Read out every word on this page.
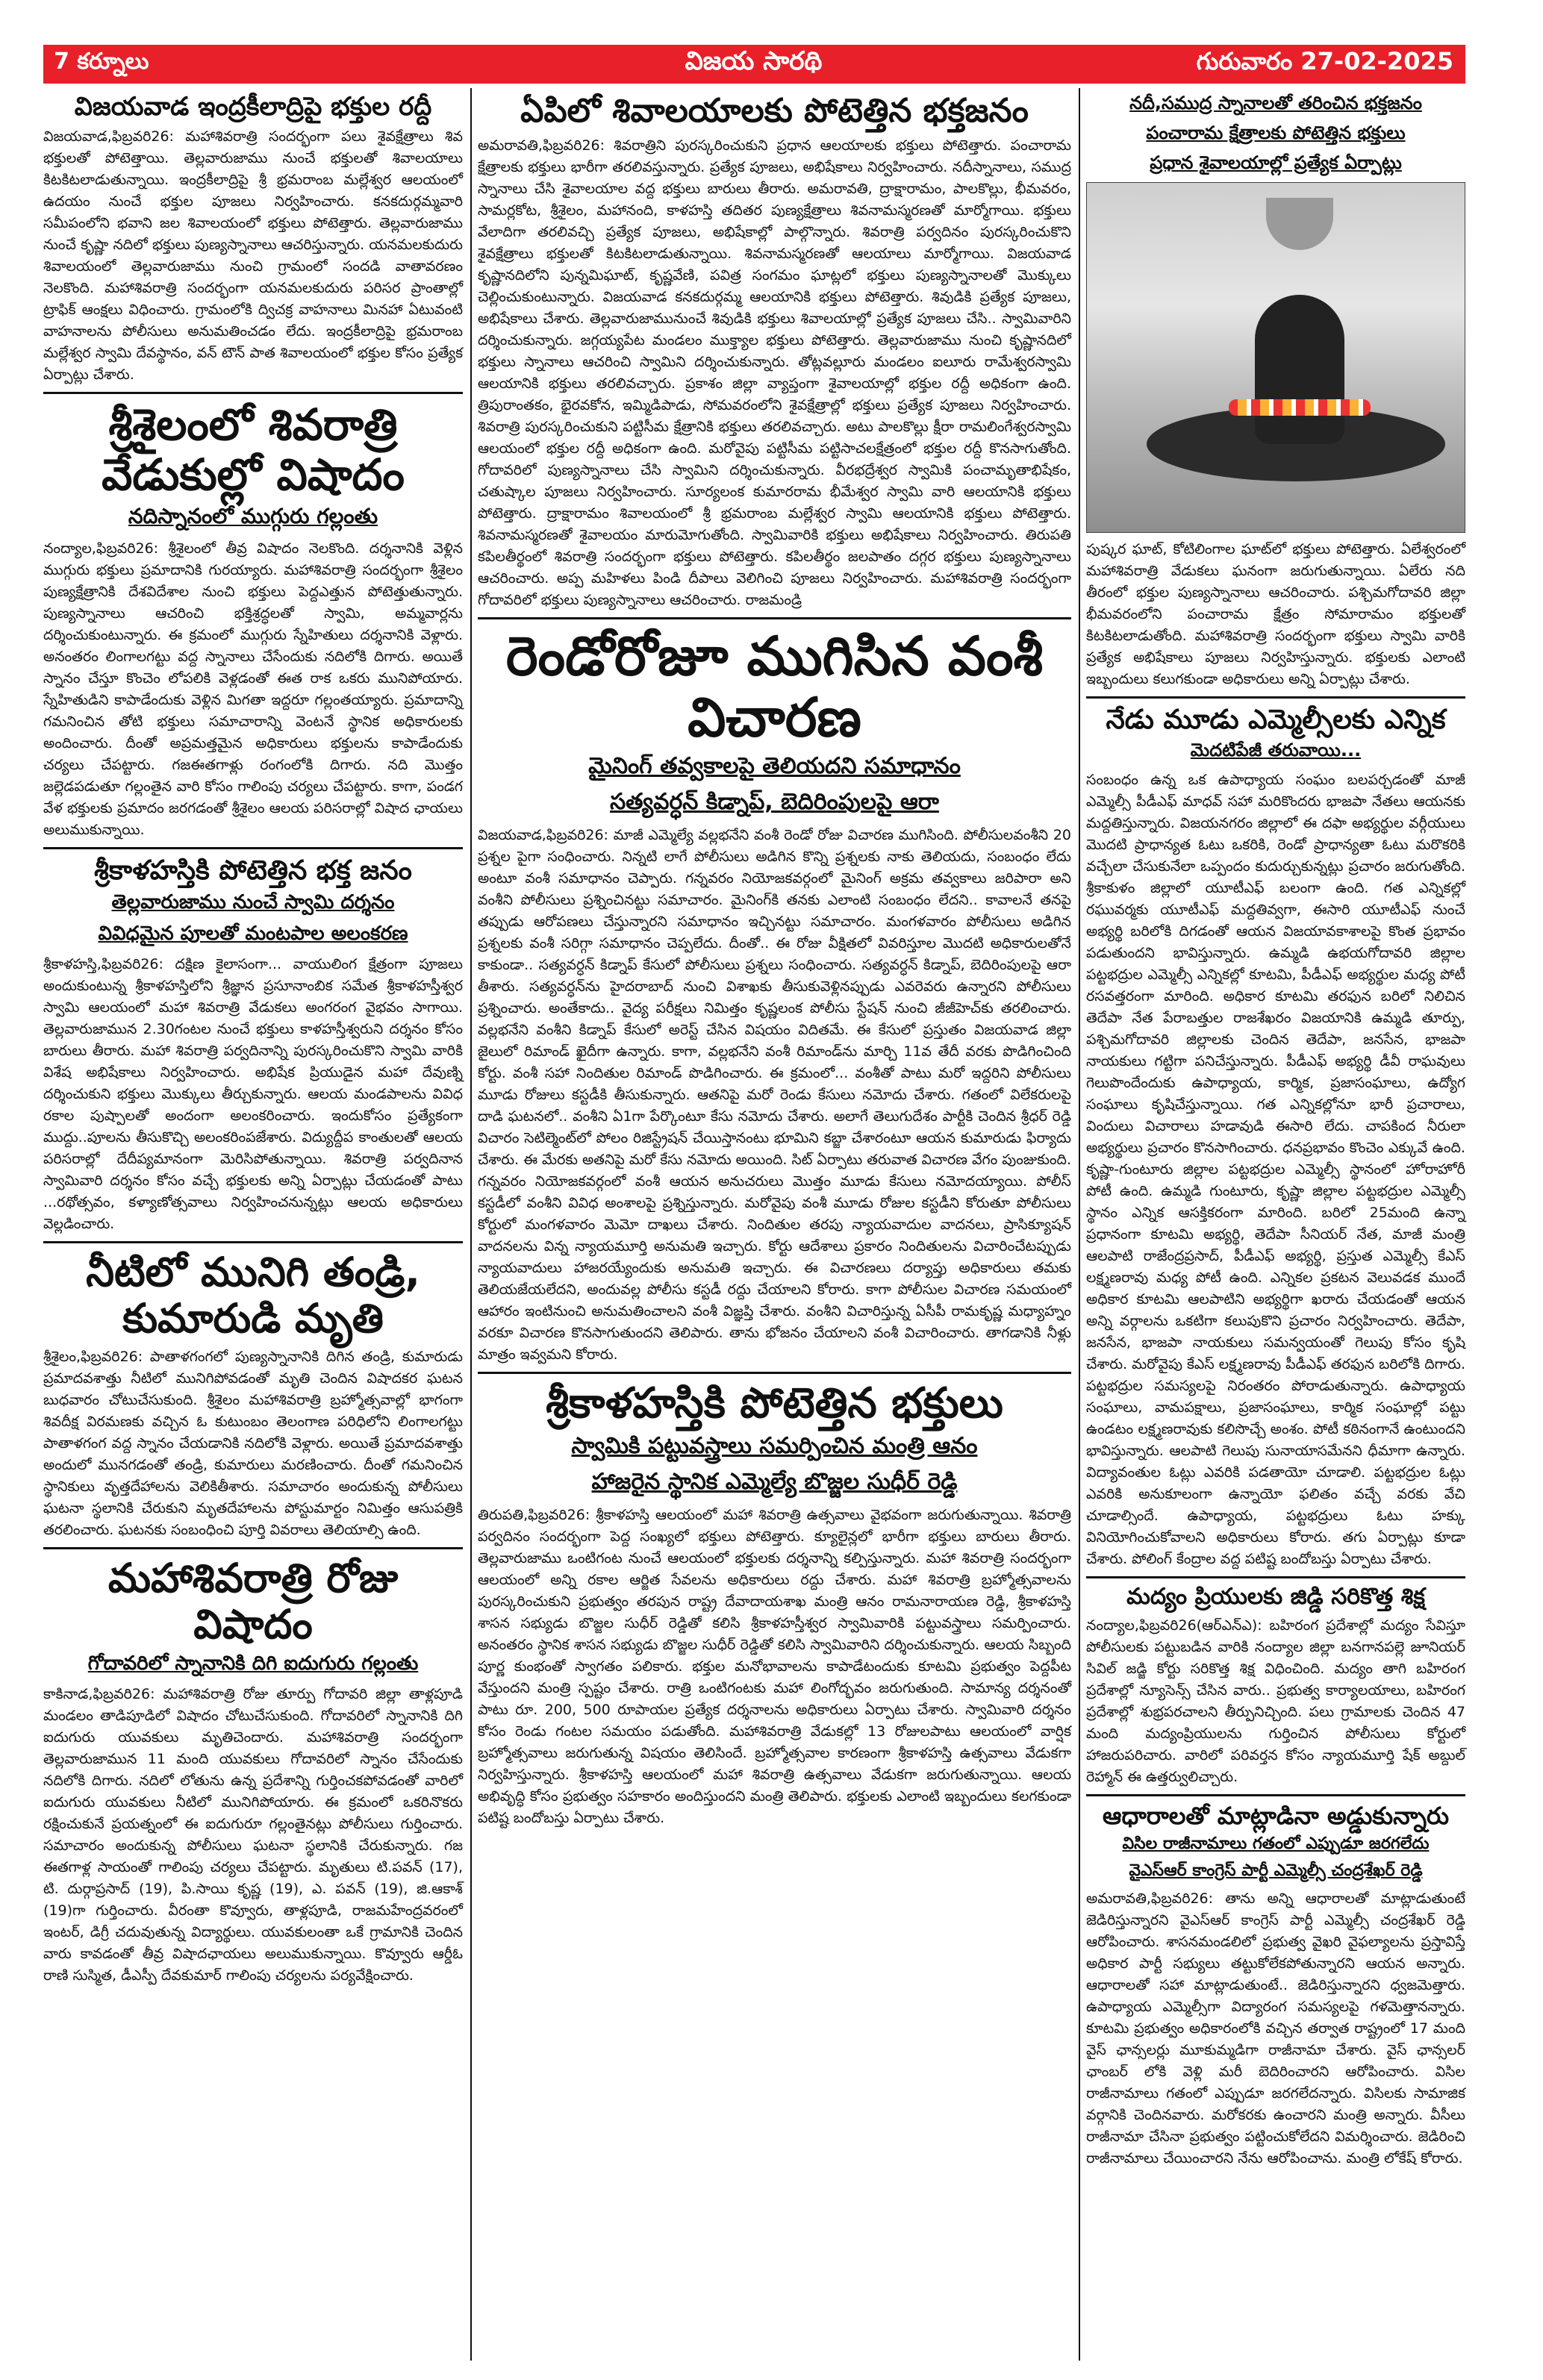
7 కర్నూలు	విజయ సారథి	గురువారం 27-02-2025
విజయవాడ ఇంద్రకీలాద్రిపై భక్తుల రద్దీ

విజయవాడ,ఫిబ్రవరి26: మహాశివరాత్రి సందర్భంగా పలు శైవక్షేత్రాలు శివ భక్తులతో పోటెత్తాయి. తెల్లవారుజాము నుంచే భక్తులతో శివాలయాలు కిటకిటలాడుతున్నాయి. ఇంద్రకీలాద్రిపై శ్రీ భ్రమరాంబ మల్లేశ్వర ఆలయంలో ఉదయం నుంచే భక్తుల పూజలు నిర్వహించారు. కనకదుర్గమ్మవారి సమీపంలోని భవాని జల శివాలయంలో భక్తులు పోటెత్తారు. తెల్లవారుజాము నుంచే కృష్ణా నదిలో భక్తులు పుణ్యస్నానాలు ఆచరిస్తున్నారు. యనమలకుదురు శివాలయంలో తెల్లవారుజాము నుంచి గ్రామంలో సందడి వాతావరణం నెలకొంది. మహాశివరాత్రి సందర్భంగా యనమలకుదురు పరిసర ప్రాంతాల్లో ట్రాఫిక్ ఆంక్షలు విధించారు. గ్రామంలోకి ద్విచక్ర వాహనాలు మినహా ఏటువంటి వాహనాలను పోలీసులు అనుమతించడం లేదు. ఇంద్రకీలాద్రిపై భ్రమరాంబ మల్లేశ్వర స్వామి దేవస్థానం, వన్ టౌన్ పాత శివాలయంలో భక్తుల కోసం ప్రత్యేక ఏర్పాట్లు చేశారు.

శ్రీశైలంలో శివరాత్రి వేడుకుల్లో విషాదం
నదిస్నానంలో ముగ్గురు గల్లంతు

నంద్యాల,ఫిబ్రవరి26: శ్రీశైలంలో తీవ్ర విషాదం నెలకొంది. దర్శనానికి వెళ్లిన ముగ్గురు భక్తులు ప్రమాదానికి గురయ్యారు. మహాశివరాత్రి సందర్భంగా శ్రీశైలం పుణ్యక్షేత్రానికి దేశవిదేశాల నుంచి భక్తులు పెద్దఎత్తున పోటెత్తుతున్నారు. పుణ్యస్నానాలు ఆచరించి భక్తిశ్రద్ధలతో స్వామి, అమ్మవార్లను దర్శించుకుంటున్నారు. ఈ క్రమంలో ముగ్గురు స్నేహితులు దర్శనానికి వెళ్లారు. అనంతరం లింగాలగట్టు వద్ద స్నానాలు చేసేందుకు నదిలోకి దిగారు. అయితే స్నానం చేస్తూ కొంచెం లోపలికి వెళ్లడంతో ఈత రాక ఒకరు మునిపోయారు. స్నేహితుడిని కాపాడేందుకు వెళ్లిన మిగతా ఇద్దరూ గల్లంతయ్యారు. ప్రమాదాన్ని గమనించిన తోటి భక్తులు సమాచారాన్ని వెంటనే స్థానిక అధికారులకు అందించారు. దీంతో అప్రమత్తమైన అధికారులు భక్తులను కాపాడేందుకు చర్యలు చేపట్టారు. గజఈతగాళ్లు రంగంలోకి దిగారు. నది మొత్తం జల్లెడపడుతూ గల్లంతైన వారి కోసం గాలింపు చర్యలు చేపట్టారు. కాగా, పండగ వేళ భక్తులకు ప్రమాదం జరగడంతో శ్రీశైలం ఆలయ పరిసరాల్లో విషాద ఛాయలు అలుముకున్నాయి.

శ్రీకాళహస్తికి పోటెత్తిన భక్త జనం
తెల్లవారుజాము నుంచే స్వామి దర్శనం
వివిధమైన పూలతో మంటపాల అలంకరణ

శ్రీకాళహస్తి,ఫిబ్రవరి26: దక్షిణ కైలాసంగా... వాయులింగ క్షేత్రంగా పూజలు అందుకుంటున్న శ్రీకాళహస్తిలోని శ్రీజ్ఞాన ప్రసూనాంబిక సమేత శ్రీకాళహస్తీశ్వర స్వామి ఆలయంలో మహా శివరాత్రి వేడుకలు అంగరంగ వైభవం సాగాయి. తెల్లవారుజామున 2.30గంటల నుంచే భక్తులు కాళహస్తీశ్వరుని దర్శనం కోసం బారులు తీరారు. మహా శివరాత్రి పర్వదినాన్ని పురస్కరించుకొని స్వామి వారికి విశేష అభిషేకాలు నిర్వహించారు. అభిషేక ప్రియుడైన మహా దేవుణ్ని దర్శించుకుని భక్తులు మొక్కులు తీర్చుకున్నారు. ఆలయ మండపాలను వివిధ రకాల పుష్పాలతో అందంగా అలంకరించారు. ఇందుకోసం ప్రత్యేకంగా ముద్దు..పూలను తీసుకొచ్చి అలంకరింపజేశారు. విద్యుద్దీప కాంతులతో ఆలయ పరిసరాల్లో దేదీప్యమానంగా మెరిసిపోతున్నాయి. శివరాత్రి పర్వదినాన స్వామివారి దర్శనం కోసం వచ్చే భక్తులకు అన్ని ఏర్పాట్లు చేయడంతో పాటు ...రథోత్సవం, కళ్యాణోత్సవాలు నిర్వహించనున్నట్లు ఆలయ అధికారులు వెల్లడించారు.

నీటిలో మునిగి తండ్రి, కుమారుడి మృతి

శ్రీశైలం,ఫిబ్రవరి26: పాతాళగంగలో పుణ్యస్నానానికి దిగిన తండ్రి, కుమారుడు ప్రమాదవశాత్తు నీటిలో మునిగిపోవడంతో మృతి చెందిన విషాదకర ఘటన బుధవారం చోటుచేసుకుంది. శ్రీశైలం మహాశివరాత్రి బ్రహ్మోత్సవాల్లో భాగంగా శివదీక్ష విరమణకు వచ్చిన ఓ కుటుంబం తెలంగాణ పరిధిలోని లింగాలగట్టు పాతాళగంగ వద్ద స్నానం చేయడానికి నదిలోకి వెళ్లారు. అయితే ప్రమాదవశాత్తు అందులో మునగడంతో తండ్రి, కుమారులు మరణించారు. దీంతో గమనించిన స్థానికులు వృత్తదేహాలను వెలికితీశారు. సమాచారం అందుకున్న పోలీసులు ఘటనా స్థలానికి చేరుకుని మృతదేహాలను పోస్టుమార్టం నిమిత్తం ఆసుపత్రికి తరలించారు. ఘటనకు సంబంధించి పూర్తి వివరాలు తెలియాల్సి ఉంది.

మహాశివరాత్రి రోజు విషాదం
గోదావరిలో స్నానానికి దిగి ఐదుగురు గల్లంతు

కాకినాడ,ఫిబ్రవరి26: మహాశివరాత్రి రోజు తూర్పు గోదావరి జిల్లా తాళ్లపూడి మండలం తాడిపూడిలో విషాదం చోటుచేసుకుంది. గోదావరిలో స్నానానికి దిగి ఐదుగురు యువకులు మృతిచెందారు. మహాశివరాత్రి సందర్భంగా తెల్లవారుజామున 11 మంది యువకులు గోదావరిలో స్నానం చేసేందుకు నదిలోకి దిగారు. నదిలో లోతును ఉన్న ప్రదేశాన్ని గుర్తించకపోవడంతో వారిలో ఐదుగురు యువకులు నీటిలో మునిగిపోయారు. ఈ క్రమంలో ఒకరినొకరు రక్షించుకునే ప్రయత్నంలో ఈ ఐదుగురూ గల్లంతైనట్లు పోలీసులు గుర్తించారు. సమాచారం అందుకున్న పోలీసులు ఘటనా స్థలానికి చేరుకున్నారు. గజ ఈతగాళ్ల సాయంతో గాలింపు చర్యలు చేపట్టారు. మృతులు టి.పవన్ (17), టి. దుర్గాప్రసాద్ (19), పి.సాయి కృష్ణ (19), ఎ. పవన్ (19), జి.ఆకాశ్ (19)గా గుర్తించారు. వీరంతా కొవ్వూరు, తాళ్లపూడి, రాజమహేంద్రవరంలో ఇంటర్, డిగ్రీ చదువుతున్న విద్యార్థులు. యువకులంతా ఒకే గ్రామానికి చెందిన వారు కావడంతో తీవ్ర విషాదఛాయలు అలుముకున్నాయి. కొవ్వూరు ఆర్డీఓ రాణి సుస్మిత, డీఎస్పీ దేవకుమార్ గాలింపు చర్యలను పర్యవేక్షించారు.

ఏపిలో శివాలయాలకు పోటెత్తిన భక్తజనం

అమరావతి,ఫిబ్రవరి26: శివరాత్రిని పురస్కరించుకుని ప్రధాన ఆలయాలకు భక్తులు పోటెత్తారు. పంచారామ క్షేత్రాలకు భక్తులు భారీగా తరలివస్తున్నారు. ప్రత్యేక పూజలు, అభిషేకాలు నిర్వహించారు. నదీస్నానాలు, సముద్ర స్నానాలు చేసి శైవాలయాల వద్ద భక్తులు బారులు తీరారు. అమరావతి, ద్రాక్షారామం, పాలకొల్లు, భీమవరం, సామర్లకోట, శ్రీశైలం, మహానంది, కాళహస్తి తదితర పుణ్యక్షేత్రాలు శివనామస్మరణతో మార్మోగాయి. భక్తులు వేలాదిగా తరలివచ్చి ప్రత్యేక పూజలు, అభిషేకాల్లో పాల్గొన్నారు. శివరాత్రి పర్వదినం పురస్కరించుకొని శైవక్షేత్రాలు భక్తులతో కిటకిటలాడుతున్నాయి. శివనామస్మరణతో ఆలయాలు మార్మోగాయి. విజయవాడ కృష్ణానదిలోని పున్నమిఘాట్, కృష్ణవేణి, పవిత్ర సంగమం ఘాట్లలో భక్తులు పుణ్యస్నానాలతో మొక్కులు చెల్లించుకుంటున్నారు. విజయవాడ కనకదుర్గమ్మ ఆలయానికి భక్తులు పోటెత్తారు. శివుడికి ప్రత్యేక పూజలు, అభిషేకాలు చేశారు. తెల్లవారుజామునుంచే శివుడికి భక్తులు శివాలయాల్లో ప్రత్యేక పూజలు చేసి.. స్వామివారిని దర్శించుకున్నారు. జగ్గయ్యపేట మండలం ముక్త్యాల భక్తులు పోటెత్తారు. తెల్లవారుజాము నుంచి కృష్ణానదిలో భక్తులు స్నానాలు ఆచరించి స్వామిని దర్శించుకున్నారు. తోట్లవల్లూరు మండలం ఐలూరు రామేశ్వరస్వామి ఆలయానికి భక్తులు తరలివచ్చారు. ప్రకాశం జిల్లా వ్యాప్తంగా శైవాలయాల్లో భక్తుల రద్దీ అధికంగా ఉంది. త్రిపురాంతకం, భైరవకోన, ఇమ్మిడిపాడు, సోమవరంలోని శైవక్షేత్రాల్లో భక్తులు ప్రత్యేక పూజలు నిర్వహించారు. శివరాత్రి పురస్కరించుకుని పట్టిసీమ క్షేత్రానికి భక్తులు తరలివచ్చారు. అటు పాలకొల్లు క్షీరా రామలింగేశ్వరస్వామి ఆలయంలో భక్తుల రద్దీ అధికంగా ఉంది. మరోవైపు పట్టిసీమ పట్టిసాచలక్షేత్రంలో భక్తుల రద్దీ కొనసాగుతోంది. గోదావరిలో పుణ్యస్నానాలు చేసి స్వామిని దర్శించుకున్నారు. వీరభద్రేశ్వర స్వామికి పంచామృతాభిషేకం, చతుష్కాల పూజలు నిర్వహించారు. సూర్యలంక కుమారరామ భీమేశ్వర స్వామి వారి ఆలయానికి భక్తులు పోటెత్తారు. ద్రాక్షారామం శివాలయంలో శ్రీ భ్రమరాంబ మల్లేశ్వర స్వామి ఆలయానికి భక్తులు పోటెత్తారు. శివనామస్మరణతో శైవాలయం మారుమోగుతోంది. స్వామివారికి భక్తులు అభిషేకాలు నిర్వహించారు. తిరుపతి కపిలతీర్థంలో శివరాత్రి సందర్భంగా భక్తులు పోటెత్తారు. కపిలతీర్థం జలపాతం దగ్గర భక్తులు పుణ్యస్నానాలు ఆచరించారు. అప్ప మహిళలు పిండి దీపాలు వెలిగించి పూజలు నిర్వహించారు. మహాశివరాత్రి సందర్భంగా గోదావరిలో భక్తులు పుణ్యస్నానాలు ఆచరించారు. రాజమండ్రి

రెండోరోజూ ముగిసిన వంశీ విచారణ
మైనింగ్ తవ్వకాలపై తెలియదని సమాధానం
సత్యవర్ధన్ కిడ్నాప్, బెదిరింపులపై ఆరా

విజయవాడ,ఫిబ్రవరి26: మాజీ ఎమ్మెల్యే వల్లభనేని వంశీ రెండో రోజు విచారణ ముగిసింది. పోలీసులవంశీని 20 ప్రశ్నల పైగా సంధించారు. నిన్నటి లాగే పోలీసులు అడిగిన కొన్ని ప్రశ్నలకు నాకు తెలియదు, సంబంధం లేదు అంటూ వంశీ సమాధానం చెప్పారు. గన్నవరం నియోజకవర్గంలో మైనింగ్ అక్రమ తవ్వకాలు జరిపారా అని వంశీని పోలీసులు ప్రశ్నించినట్టు సమాచారం. మైనింగ్‌కి తనకు ఎలాంటి సంబంధం లేదని.. కావాలనే తనపై తప్పుడు ఆరోపణలు చేస్తున్నారని సమాధానం ఇచ్చినట్టు సమాచారం. మంగళవారం పోలీసులు అడిగిన ప్రశ్నలకు వంశీ సరిగ్గా సమాధానం చెప్పలేదు. దీంతో.. ఈ రోజు వీక్షితలో వివరిస్తూల మొదటి అధికారులతోనే కాకుండా.. సత్యవర్ధన్ కిడ్నాప్ కేసులో పోలీసులు ప్రశ్నలు సంధించారు. సత్యవర్ధన్ కిడ్నాప్, బెదిరింపులపై ఆరా తీశారు. సత్యవర్ధన్‌ను హైదరాబాద్ నుంచి విశాఖకు తీసుకువెళ్లినప్పుడు ఎవరెవరు ఉన్నారని పోలీసులు ప్రశ్నించారు. అంతేకాదు.. వైద్య పరీక్షలు నిమిత్తం కృష్ణలంక పోలీసు స్టేషన్ నుంచి జీజీహెచ్‌కు తరలించారు. వల్లభనేని వంశీని కిడ్నాప్ కేసులో అరెస్ట్ చేసిన విషయం విదితమే. ఈ కేసులో ప్రస్తుతం విజయవాడ జిల్లా జైలులో రిమాండ్ ఖైదీగా ఉన్నారు. కాగా, వల్లభనేని వంశీ రిమాండ్‌ను మార్చి 11వ తేదీ వరకు పొడిగించింది కోర్టు. వంశీ సహా నిందితుల రిమాండ్ పొడిగించారు. ఈ క్రమంలో... వంశీతో పాటు మరో ఇద్దరిని పోలీసులు మూడు రోజులు కస్టడీకి తీసుకున్నారు. ఆతనిపై మరో రెండు కేసులు నమోదు చేశారు. గతంలో విలేకరులపై దాడి ఘటనలో.. వంశీని ఏ1గా పేర్కొంటూ కేసు నమోదు చేశారు. అలాగే తెలుగుదేశం పార్టీకి చెందిన శ్రీధర్ రెడ్డి విచారం సెటిల్మెంట్‌లో పోలం రిజిస్ట్రేషన్ చేయిస్తానంటు భూమిని కబ్జా చేశారంటూ ఆయన కుమారుడు ఫిర్యాదు చేశారు. ఈ మేరకు అతనిపై మరో కేసు నమోదు అయింది. సిట్ ఏర్పాటు తరువాత విచారణ వేగం పుంజుకుంది. గన్నవరం నియోజకవర్గంలో వంశీ ఆయన అనుచరులు మొత్తం మూడు కేసులు నమోదయ్యాయి. పోలీస్ కస్టడీలో వంశీని వివిధ అంశాలపై ప్రశ్నిస్తున్నారు. మరోవైపు వంశీ మూడు రోజుల కస్టడీని కోరుతూ పోలీసులు కోర్టులో మంగళవారం మెమో దాఖలు చేశారు. నిందితుల తరపు న్యాయవాదుల వాదనలు, ప్రాసిక్యూషన్ వాదనలను విన్న న్యాయమూర్తి అనుమతి ఇచ్చారు. కోర్టు ఆదేశాలు ప్రకారం నిందితులను విచారించేటప్పుడు న్యాయవాదులు హాజరయ్యేందుకు అనుమతి ఇచ్చారు. ఈ విచారణలు దర్యాప్తు అధికారులు తమకు తెలియజేయలేదని, అందువల్ల పోలీసు కస్టడీ రద్దు చేయాలని కోరారు. కాగా పోలీసుల విచారణ సమయంలో ఆహారం ఇంటినుంచి అనుమతించాలని వంశీ విజ్ఞప్తి చేశారు. వంశీని విచారిస్తున్న ఏసీపీ రామకృష్ణ మధ్యాహ్నం వరకూ విచారణ కొనసాగుతుందని తెలిపారు. తాను భోజనం చేయాలని వంశీ విచారించారు. తాగడానికి నీళ్లు మాత్రం ఇవ్వమని కోరారు.

శ్రీకాళహస్తికి పోటెత్తిన భక్తులు
స్వామికి పట్టువస్త్రాలు సమర్పించిన మంత్రి ఆనం
హాజరైన స్థానిక ఎమ్మెల్యే బొజ్జల సుధీర్ రెడ్డి

తిరుపతి,ఫిబ్రవరి26: శ్రీకాళహస్తి ఆలయంలో మహా శివరాత్రి ఉత్సవాలు వైభవంగా జరుగుతున్నాయి. శివరాత్రి పర్వదినం సందర్భంగా పెద్ద సంఖ్యలో భక్తులు పోటెత్తారు. క్యూలైన్లలో భారీగా భక్తులు బారులు తీరారు. తెల్లవారుజాము ఒంటిగంట నుంచే ఆలయంలో భక్తులకు దర్శనాన్ని కల్పిస్తున్నారు. మహా శివరాత్రి సందర్భంగా ఆలయంలో అన్ని రకాల ఆర్జిత సేవలను అధికారులు రద్దు చేశారు. మహా శివరాత్రి బ్రహ్మోత్సవాలను పురస్కరించుకుని ప్రభుత్వం తరపున రాష్ట్ర దేవాదాయశాఖ మంత్రి ఆనం రామనారాయణ రెడ్డి, శ్రీకాళహస్తి శాసన సభ్యుడు బొజ్జల సుధీర్ రెడ్డితో కలిసి శ్రీకాళహస్తీశ్వర స్వామివారికి పట్టువస్త్రాలు సమర్పించారు. అనంతరం స్థానిక శాసన సభ్యుడు బొజ్జల సుధీర్ రెడ్డితో కలిసి స్వామివారిని దర్శించుకున్నారు. ఆలయ సిబ్బంది పూర్ణ కుంభంతో స్వాగతం పలికారు. భక్తుల మనోభావాలను కాపాడేటందుకు కూటమి ప్రభుత్వం పెద్దపీట వేస్తుందని మంత్రి స్పష్టం చేశారు. రాత్రి ఒంటిగంటకు మహా లింగోద్భవం జరుగుతుంది. సామాన్య దర్శనంతో పాటు రూ. 200, 500 రూపాయల ప్రత్యేక దర్శనాలను అధికారులు ఏర్పాటు చేశారు. స్వామివారి దర్శనం కోసం రెండు గంటల సమయం పడుతోంది. మహాశివరాత్రి వేడుకల్లో 13 రోజులపాటు ఆలయంలో వార్షిక బ్రహ్మోత్సవాలు జరుగుతున్న విషయం తెలిసిందే. బ్రహ్మోత్సవాల కారణంగా శ్రీకాళహస్తి ఉత్సవాలు వేడుకగా నిర్వహిస్తున్నారు. శ్రీకాళహస్తి ఆలయంలో మహా శివరాత్రి ఉత్సవాలు వేడుకగా జరుగుతున్నాయి. ఆలయ అభివృద్ధి కోసం ప్రభుత్వం సహకారం అందిస్తుందని మంత్రి తెలిపారు. భక్తులకు ఎలాంటి ఇబ్బందులు కలగకుండా పటిష్ట బందోబస్తు ఏర్పాటు చేశారు.

నదీ,సముద్ర స్నానాలతో తరించిన భక్తజనం
పంచారామ క్షేత్రాలకు పోటెత్తిన భక్తులు
ప్రధాన శైవాలయాల్లో ప్రత్యేక ఏర్పాట్లు

పుష్కర ఘాట్, కోటిలింగాల ఘాట్‌లో భక్తులు పోటెత్తారు. ఏలేశ్వరంలో మహాశివరాత్రి వేడుకలు ఘనంగా జరుగుతున్నాయి. ఏలేరు నది తీరంలో భక్తుల పుణ్యస్నానాలు ఆచరించారు. పశ్చిమగోదావరి జిల్లా భీమవరంలోని పంచారామ క్షేత్రం సోమారామం భక్తులతో కిటకిటలాడుతోంది. మహాశివరాత్రి సందర్భంగా భక్తులు స్వామి వారికి ప్రత్యేక అభిషేకాలు పూజలు నిర్వహిస్తున్నారు. భక్తులకు ఎలాంటి ఇబ్బందులు కలుగకుండా అధికారులు అన్ని ఏర్పాట్లు చేశారు.

నేడు మూడు ఎమ్మెల్సీలకు ఎన్నిక
మెదటిపేజీ తరువాయి...

సంబంధం ఉన్న ఒక ఉపాధ్యాయ సంఘం బలపర్చడంతో మాజీ ఎమ్మెల్సీ పీడీఎఫ్ మాధవ్ సహా మరికొందరు భాజపా నేతలు ఆయనకు మద్దతిస్తున్నారు. విజయనగరం జిల్లాలో ఈ దఫా అభ్యర్థుల వర్గీయులు మొదటి ప్రాధాన్యత ఓటు ఒకరికి, రెండో ప్రాధాన్యతా ఓటు మరొకరికి వచ్చేలా చేసుకునేలా ఒప్పందం కుదుర్చుకున్నట్లు ప్రచారం జరుగుతోంది. శ్రీకాకుళం జిల్లాలో యూటీఎఫ్ బలంగా ఉంది. గత ఎన్నికల్లో రఘువర్మకు యూటీఎఫ్ మద్దతివ్వగా, ఈసారి యూటీఎఫ్ నుంచే అభ్యర్థి బరిలోకి దిగడంతో ఆయన విజయావకాశాలపై కొంత ప్రభావం పడుతుందని భావిస్తున్నారు. ఉమ్మడి ఉభయగోదావరి జిల్లాల పట్టభద్రుల ఎమ్మెల్సీ ఎన్నికల్లో కూటమి, పీడీఎఫ్ అభ్యర్థుల మధ్య పోటీ రసవత్తరంగా మారింది. అధికార కూటమి తరఫున బరిలో నిలిచిన తెదేపా నేత పేరాబత్తుల రాజశేఖరం విజయానికి ఉమ్మడి తూర్పు, పశ్చిమగోదావరి జిల్లాలకు చెందిన తెదేపా, జనసేన, భాజపా నాయకులు గట్టిగా పనిచేస్తున్నారు. పీడీఎఫ్ అభ్యర్థి డీవీ రాఘవులు గెలుపొందేందుకు ఉపాధ్యాయ, కార్మిక, ప్రజాసంఘాలు, ఉద్యోగ సంఘాలు కృషిచేస్తున్నాయి. గత ఎన్నికల్లోనూ భారీ ప్రచారాలు, విందులు విచారాలు హడావుడి ఈసారి లేదు. చాపకింద నీరులా అభ్యర్థులు ప్రచారం కొనసాగించారు. ధనప్రభావం కొంచెం ఎక్కువే ఉంది. కృష్ణా-గుంటూరు జిల్లాల పట్టభద్రుల ఎమ్మెల్సీ స్థానంలో హోరాహోరీ పోటీ ఉంది. ఉమ్మడి గుంటూరు, కృష్ణా జిల్లాల పట్టభద్రుల ఎమ్మెల్సీ స్థానం ఎన్నిక ఆసక్తికరంగా మారింది. బరిలో 25మంది ఉన్నా ప్రధానంగా కూటమి అభ్యర్థి, తెదేపా సీనియర్ నేత, మాజీ మంత్రి ఆలపాటి రాజేంద్రప్రసాద్, పీడీఎఫ్ అభ్యర్థి, ప్రస్తుత ఎమ్మెల్సీ కేఎస్ లక్ష్మణరావు మధ్య పోటీ ఉంది. ఎన్నికల ప్రకటన వెలువడక ముందే అధికార కూటమి ఆలపాటిని అభ్యర్థిగా ఖరారు చేయడంతో ఆయన అన్ని వర్గాలను ఒకటిగా కలుపుకొని ప్రచారం నిర్వహించారు. తెదేపా, జనసేన, భాజపా నాయకులు సమన్వయంతో గెలుపు కోసం కృషి చేశారు. మరోవైపు కేఎస్ లక్ష్మణరావు పీడీఎఫ్ తరఫున బరిలోకి దిగారు. పట్టభద్రుల సమస్యలపై నిరంతరం పోరాడుతున్నారు. ఉపాధ్యాయ సంఘాలు, వామపక్షాలు, ప్రజాసంఘాలు, కార్మిక సంఘాల్లో పట్టు ఉండటం లక్ష్మణరావుకు కలిసొచ్చే అంశం. పోటీ కఠినంగానే ఉంటుందని భావిస్తున్నారు. ఆలపాటి గెలుపు సునాయాసమేనని ధీమాగా ఉన్నారు. విద్యావంతుల ఓట్లు ఎవరికి పడతాయో చూడాలి. పట్టభద్రుల ఓట్లు ఎవరికి అనుకూలంగా ఉన్నాయో ఫలితం వచ్చే వరకు వేచి చూడాల్సిందే. ఉపాధ్యాయ, పట్టభద్రులు ఓటు హక్కు వినియోగించుకోవాలని అధికారులు కోరారు. తగు ఏర్పాట్లు కూడా చేశారు. పోలింగ్ కేంద్రాల వద్ద పటిష్ట బందోబస్తు ఏర్పాటు చేశారు.

మద్యం ప్రియులకు జిడ్డి సరికొత్త శిక్ష

నంద్యాల,ఫిబ్రవరి26(ఆర్ఎన్ఎ): బహిరంగ ప్రదేశాల్లో మద్యం సేవిస్తూ పోలీసులకు పట్టుబడిన వారికి నంద్యాల జిల్లా బనగానపల్లె జూనియర్ సివిల్ జడ్జి కోర్టు సరికొత్త శిక్ష విధించింది. మద్యం తాగి బహిరంగ ప్రదేశాల్లో న్యూసెన్స్ చేసిన వారు.. ప్రభుత్వ కార్యాలయాలు, బహిరంగ ప్రదేశాల్లో శుభ్రపరచాలని తీర్పునిచ్చింది. పలు గ్రామాలకు చెందిన 47 మంది మద్యంప్రియులను గుర్తించిన పోలీసులు కోర్టులో హాజరుపరిచారు. వారిలో పరివర్తన కోసం న్యాయమూర్తి షేక్ అబ్దుల్ రెహ్మాన్ ఈ ఉత్తర్వులిచ్చారు.

ఆధారాలతో మాట్లాడినా అడ్డుకున్నారు
విసిల రాజీనామాలు గతంలో ఎప్పుడూ జరగలేదు
వైఎస్‌ఆర్ కాంగ్రెస్ పార్టీ ఎమ్మెల్సీ చంద్రశేఖర్ రెడ్డి

అమరావతి,ఫిబ్రవరి26: తాను అన్ని ఆధారాలతో మాట్లాడుతుంటే జెడిరిస్తున్నారని వైఎస్ఆర్ కాంగ్రెస్ పార్టీ ఎమ్మెల్సీ చంద్రశేఖర్ రెడ్డి ఆరోపించారు. శాసనమండలిలో ప్రభుత్వ వైఖరి వైఫల్యాలను ప్రస్తావిస్తే అధికార పార్టీ సభ్యులు తట్టుకోలేకపోతున్నారని ఆయన అన్నారు. ఆధారాలతో సహా మాట్లాడుతుంటే.. జెడిరిస్తున్నారని ధ్వజమెత్తారు. ఉపాధ్యాయ ఎమ్మెల్సీగా విద్యారంగ సమస్యలపై గళమెత్తానన్నారు. కూటమి ప్రభుత్వం అధికారంలోకి వచ్చిన తర్వాత రాష్ట్రంలో 17 మంది వైస్ ఛాన్సలర్లు మూకుమ్మడిగా రాజీనామా చేశారు. వైస్ ఛాన్సలర్ ఛాంబర్ లోకి వెళ్లి మరీ బెదిరించారని ఆరోపించారు. విసిల రాజీనామాలు గతంలో ఎప్పుడూ జరగలేదన్నారు. విసిలకు సామాజిక వర్గానికి చెందినవారు. మరోకరకు ఉంచారని మంత్రి అన్నారు. వీసీలు రాజీనామా చేసినా ప్రభుత్వం పట్టించుకోలేదని విమర్శించారు. జెడిరించి రాజీనామాలు చేయించారని నేను ఆరోపించాను. మంత్రి లోకేష్ కోరారు.
